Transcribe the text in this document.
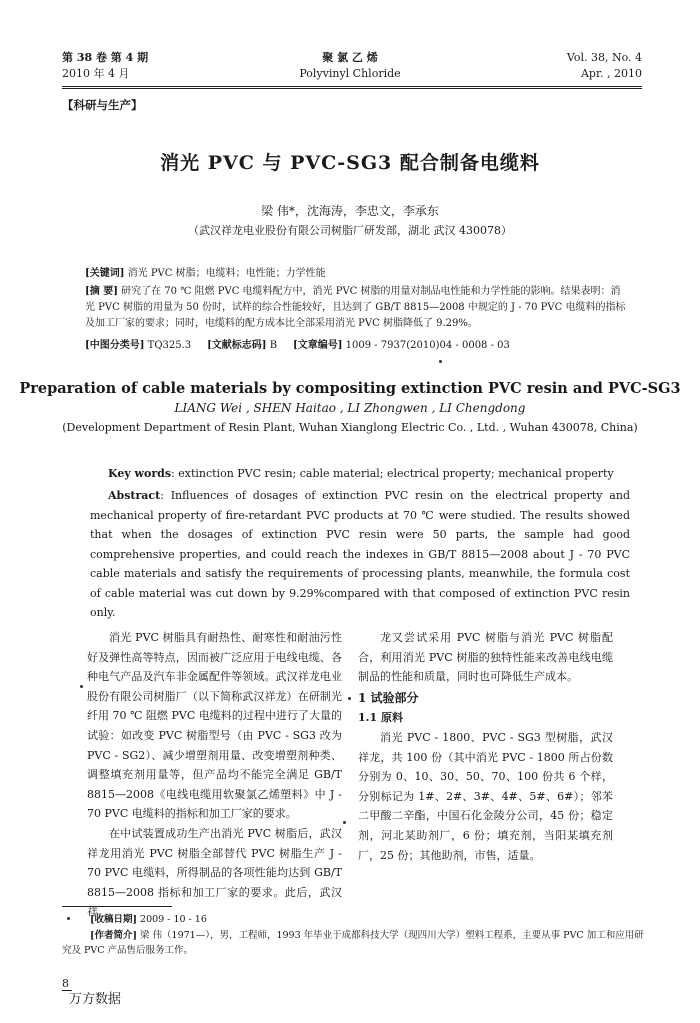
第 38 卷 第 4 期
2010 年 4 月
聚 氯 乙 烯
Polyvinyl Chloride
Vol. 38, No. 4
Apr. , 2010
【科研与生产】
消光 PVC 与 PVC-SG3 配合制备电缆料
梁 伟*，沈海涛，李忠文，李承东
（武汉祥龙电业股份有限公司树脂厂研发部，湖北 武汉 430078）
[关键词] 消光 PVC 树脂；电缆料；电性能；力学性能
[摘 要] 研究了在 70 ℃ 阻燃 PVC 电缆料配方中，消光 PVC 树脂的用量对制品电性能和力学性能的影响。结果表明：消光 PVC 树脂的用量为 50 份时，试样的综合性能较好，且达到了 GB/T 8815—2008 中规定的 J - 70 PVC 电缆料的指标及加工厂家的要求；同时，电缆料的配方成本比全部采用消光 PVC 树脂降低了 9.29%。
[中图分类号] TQ325.3 [文献标志码] B [文章编号] 1009 - 7937(2010)04 - 0008 - 03
Preparation of cable materials by compositing extinction PVC resin and PVC-SG3
LIANG Wei , SHEN Haitao , LI Zhongwen , LI Chengdong
(Development Department of Resin Plant, Wuhan Xianglong Electric Co. , Ltd. , Wuhan 430078, China)
Key words: extinction PVC resin; cable material; electrical property; mechanical property
Abstract: Influences of dosages of extinction PVC resin on the electrical property and mechanical property of fire-retardant PVC products at 70 ℃ were studied. The results showed that when the dosages of extinction PVC resin were 50 parts, the sample had good comprehensive properties, and could reach the indexes in GB/T 8815—2008 about J - 70 PVC cable materials and satisfy the requirements of processing plants, meanwhile, the formula cost of cable material was cut down by 9.29%compared with that composed of extinction PVC resin only.

消光 PVC 树脂具有耐热性、耐寒性和耐油污性好及弹性高等特点，因而被广泛应用于电线电缆、各种电气产品及汽车非金属配件等领域。武汉祥龙电业股份有限公司树脂厂（以下简称武汉祥龙）在研制光纤用 70 ℃ 阻燃 PVC 电缆料的过程中进行了大量的试验：如改变 PVC 树脂型号（由 PVC - SG3 改为 PVC - SG2）、减少增塑剂用量、改变增塑剂种类、调整填充剂用量等，但产品均不能完全满足 GB/T 8815—2008《电线电缆用软聚氯乙烯塑料》中 J - 70 PVC 电缆料的指标和加工厂家的要求。

在中试装置成功生产出消光 PVC 树脂后，武汉祥龙用消光 PVC 树脂全部替代 PVC 树脂生产 J - 70 PVC 电缆料，所得制品的各项性能均达到 GB/T 8815—2008 指标和加工厂家的要求。此后，武汉祥

龙又尝试采用 PVC 树脂与消光 PVC 树脂配合，利用消光 PVC 树脂的独特性能来改善电线电缆制品的性能和质量，同时也可降低生产成本。

1 试验部分

1.1 原料

消光 PVC - 1800、PVC - SG3 型树脂，武汉祥龙，共 100 份（其中消光 PVC - 1800 所占份数分别为 0、10、30、50、70、100 份共 6 个样，分别标记为 1#、2#、3#、4#、5#、6#）；邻苯二甲酸二辛酯，中国石化金陵分公司，45 份；稳定剂，河北某助剂厂，6 份；填充剂，当阳某填充剂厂，25 份；其他助剂，市售，适量。

[收稿日期] 2009 - 10 - 16
[作者简介] 梁 伟（1971—），男，工程师，1993 年毕业于成都科技大学（现四川大学）塑料工程系，主要从事 PVC 加工和应用研究及 PVC 产品售后服务工作。
8
万方数据
